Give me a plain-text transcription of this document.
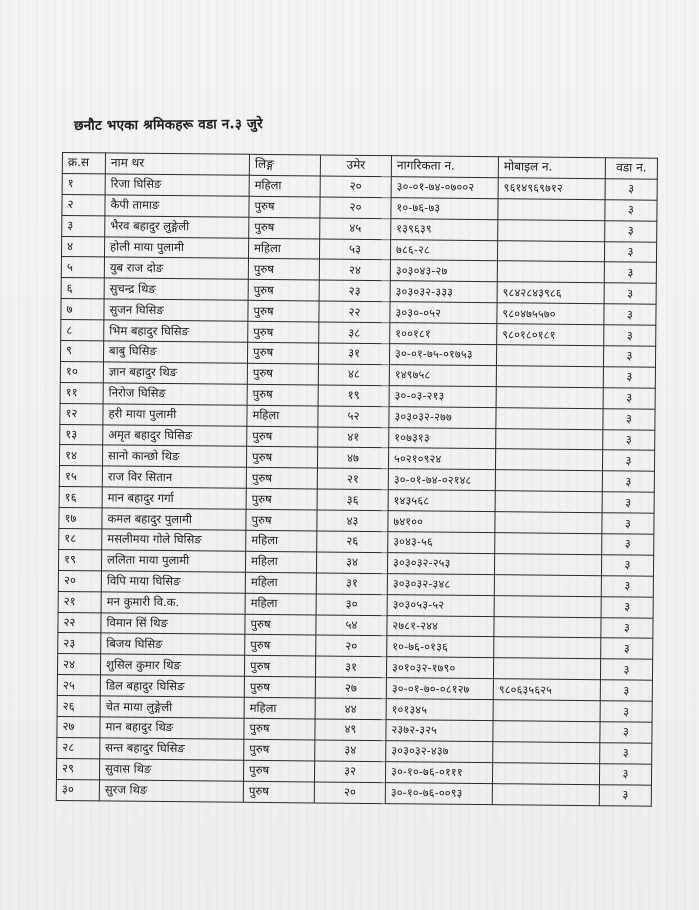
छनौट भएका श्रमिकहरू वडा न.३ जुरे
क्र.स	नाम थर	लिङ्ग	उमेर	नागरिकता न.	मोबाइल न.	वडा न.
१	रिजा घिसिङ	महिला	२०	३०-०१-७४-०७००२	९६१४९६९७१२	३
२	कैपी तामाङ	पुरुष	२०	१०-७६-७३		३
३	भैरव बहादुर लुङ्गेली	पुरुष	४५	१३९६३९		३
४	होली माया पुलामी	महिला	५३	७८६-२८		३
५	युब राज दोङ	पुरुष	२४	३०३०४३-२७		३
६	सुचन्द्र थिङ	पुरुष	२३	३०३०३२-३३३	९८४२८४३९८६	३
७	सुजन घिसिङ	पुरुष	२२	३०३०-०५२	९८०४७५५७०	३
८	भिम बहादुर घिसिङ	पुरुष	३८	१००१८१	९८०१८०१८१	३
९	बाबु घिसिङ	पुरुष	३१	३०-०१-७५-०१७५३		३
१०	ज्ञान बहादुर थिङ	पुरुष	४८	१४९७५८		३
११	निरोज घिसिङ	पुरुष	१९	३०-०३-२१३		३
१२	हरी माया पुलामी	महिला	५२	३०३०३२-२७७		३
१३	अमृत बहादुर घिसिङ	पुरुष	४१	१०७३१३		३
१४	सानो कान्छो थिङ	पुरुष	४७	५०२१०९२४		३
१५	राज विर सितान	पुरुष	२१	३०-०१-७४-०२१४८		३
१६	मान बहादुर गर्गा	पुरुष	३६	१४३५६८		३
१७	कमल बहादुर पुलामी	पुरुष	४३	७४१००		३
१८	मसलीमया गोले घिसिङ	महिला	२६	३०४३-५६		३
१९	ललिता माया पुलामी	महिला	३४	३०३०३२-२५३		३
२०	विपि माया घिसिङ	महिला	३१	३०३०३२-३४८		३
२१	मन कुमारी वि.क.	महिला	३०	३०३०५३-५२		३
२२	विमान सिं थिङ	पुरुष	५४	२७८१-२४४		३
२३	बिजय घिसिङ	पुरुष	२०	१०-७६-०१३६		३
२४	शुसिल कुमार थिङ	पुरुष	३१	३०१०३२-१७९०		३
२५	डिल बहादुर घिसिङ	पुरुष	२७	३०-०१-७०-०८१२७	९८०६३५६२५	३
२६	चेत माया लुङ्गेली	महिला	४४	१०१३४५		३
२७	मान बहादुर थिङ	पुरुष	४९	२३७२-३२५		३
२८	सन्त बहादुर घिसिङ	पुरुष	३४	३०३०३२-४३७		३
२९	सुवास थिङ	पुरुष	३२	३०-१०-७६-०१११		३
३०	सुरज थिङ	पुरुष	२०	३०-१०-७६-००९३		३
